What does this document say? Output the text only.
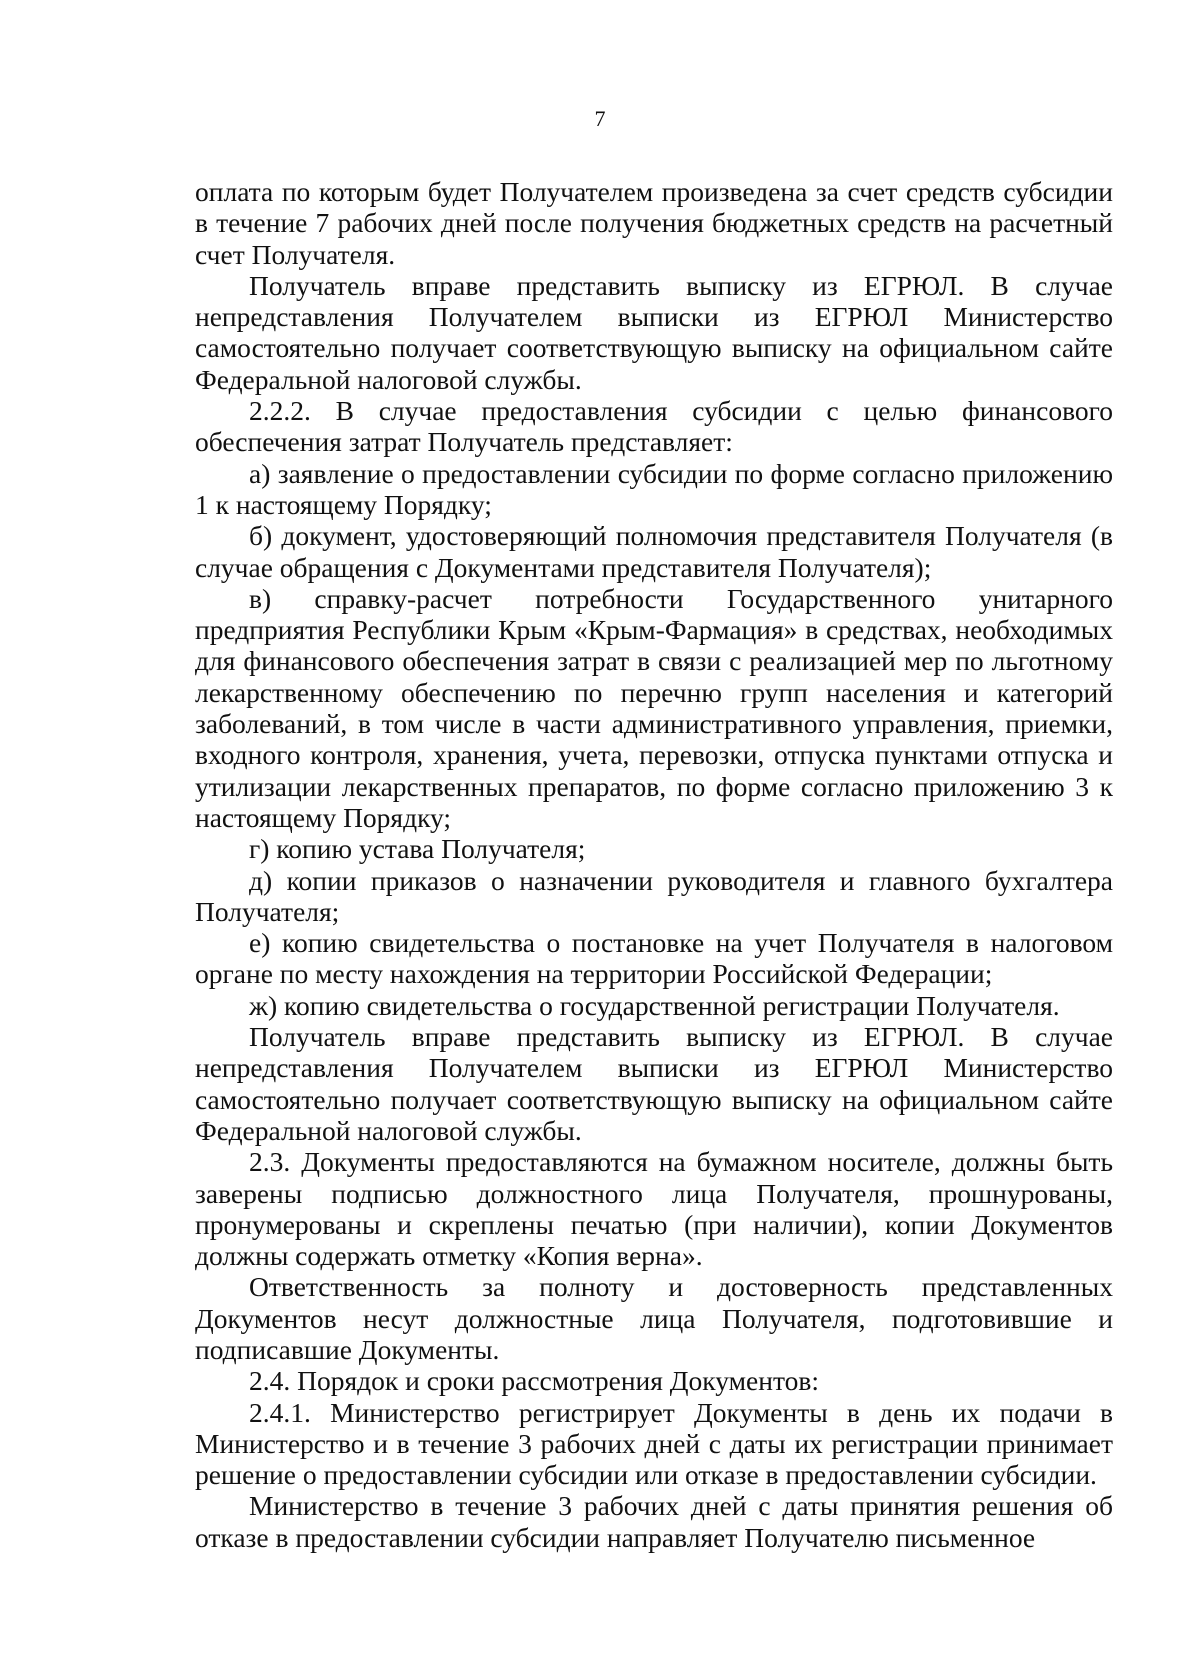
7

оплата по которым будет Получателем произведена за счет средств субсидии в течение 7 рабочих дней после получения бюджетных средств на расчетный счет Получателя.

Получатель вправе представить выписку из ЕГРЮЛ. В случае непредставления Получателем выписки из ЕГРЮЛ Министерство самостоятельно получает соответствующую выписку на официальном сайте Федеральной налоговой службы.

2.2.2. В случае предоставления субсидии с целью финансового обеспечения затрат Получатель представляет:

а) заявление о предоставлении субсидии по форме согласно приложению 1 к настоящему Порядку;

б) документ, удостоверяющий полномочия представителя Получателя (в случае обращения с Документами представителя Получателя);

в) справку-расчет потребности Государственного унитарного предприятия Республики Крым «Крым-Фармация» в средствах, необходимых для финансового обеспечения затрат в связи с реализацией мер по льготному лекарственному обеспечению по перечню групп населения и категорий заболеваний, в том числе в части административного управления, приемки, входного контроля, хранения, учета, перевозки, отпуска пунктами отпуска и утилизации лекарственных препаратов, по форме согласно приложению 3 к настоящему Порядку;

г) копию устава Получателя;

д) копии приказов о назначении руководителя и главного бухгалтера Получателя;

е) копию свидетельства о постановке на учет Получателя в налоговом органе по месту нахождения на территории Российской Федерации;

ж) копию свидетельства о государственной регистрации Получателя.

Получатель вправе представить выписку из ЕГРЮЛ. В случае непредставления Получателем выписки из ЕГРЮЛ Министерство самостоятельно получает соответствующую выписку на официальном сайте Федеральной налоговой службы.

2.3. Документы предоставляются на бумажном носителе, должны быть заверены подписью должностного лица Получателя, прошнурованы, пронумерованы и скреплены печатью (при наличии), копии Документов должны содержать отметку «Копия верна».

Ответственность за полноту и достоверность представленных Документов несут должностные лица Получателя, подготовившие и подписавшие Документы.

2.4. Порядок и сроки рассмотрения Документов:

2.4.1. Министерство регистрирует Документы в день их подачи в Министерство и в течение 3 рабочих дней с даты их регистрации принимает решение о предоставлении субсидии или отказе в предоставлении субсидии.

Министерство в течение 3 рабочих дней с даты принятия решения об отказе в предоставлении субсидии направляет Получателю письменное
